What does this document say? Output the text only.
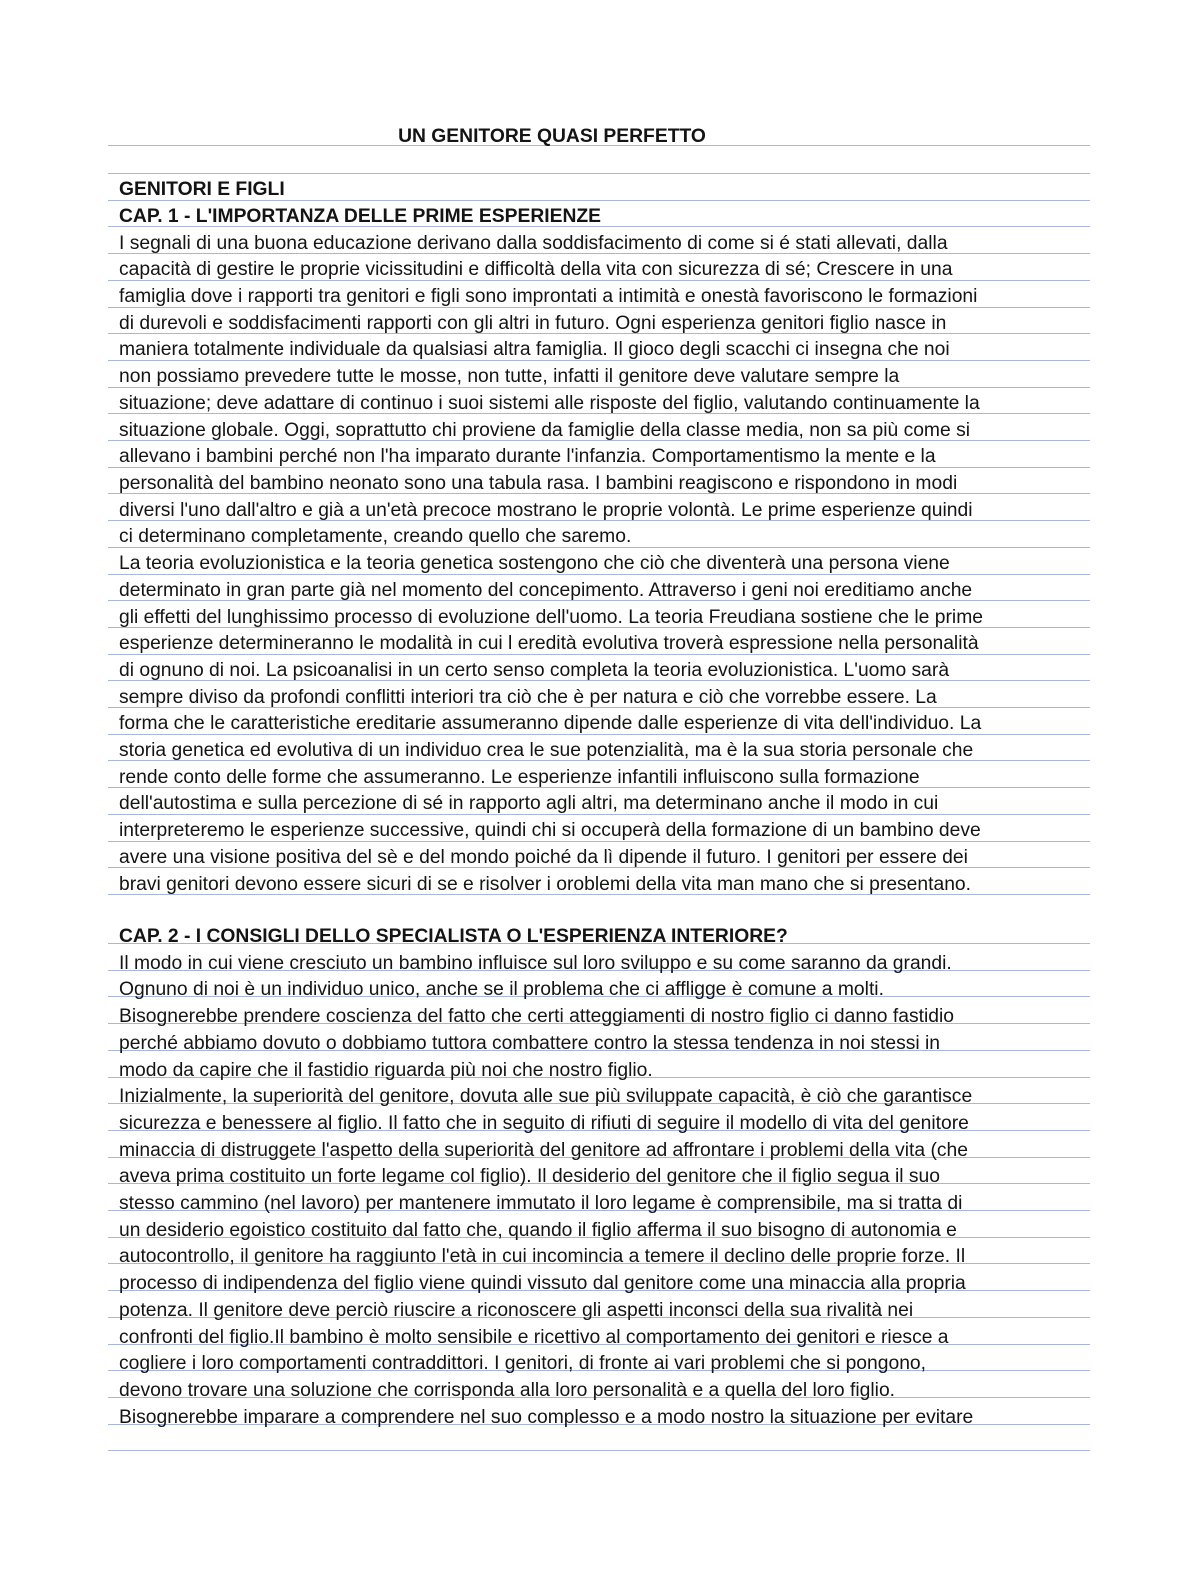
UN GENITORE QUASI PERFETTO
GENITORI E FIGLI
CAP. 1 - L'IMPORTANZA DELLE PRIME ESPERIENZE
I segnali di una buona educazione derivano dalla soddisfacimento di come si é stati allevati, dalla
capacità di gestire le proprie vicissitudini e difficoltà della vita con sicurezza di sé; Crescere in una
famiglia dove i rapporti tra genitori e figli sono improntati a intimità e onestà favoriscono le formazioni
di durevoli e soddisfacimenti rapporti con gli altri in futuro. Ogni esperienza genitori figlio nasce in
maniera totalmente individuale da qualsiasi altra famiglia. Il gioco degli scacchi ci insegna che noi
non possiamo prevedere tutte le mosse, non tutte, infatti il genitore deve valutare sempre la
situazione; deve adattare di continuo i suoi sistemi alle risposte del figlio, valutando continuamente la
situazione globale. Oggi, soprattutto chi proviene da famiglie della classe media, non sa più come si
allevano i bambini perché non l'ha imparato durante l'infanzia. Comportamentismo la mente e la
personalità del bambino neonato sono una tabula rasa. I bambini reagiscono e rispondono in modi
diversi l'uno dall'altro e già a un'età precoce mostrano le proprie volontà. Le prime esperienze quindi
ci determinano completamente, creando quello che saremo.
La teoria evoluzionistica e la teoria genetica sostengono che ciò che diventerà una persona viene
determinato in gran parte già nel momento del concepimento. Attraverso i geni noi ereditiamo anche
gli effetti del lunghissimo processo di evoluzione dell'uomo. La teoria Freudiana sostiene che le prime
esperienze determineranno le modalità in cui l eredità evolutiva troverà espressione nella personalità
di ognuno di noi. La psicoanalisi in un certo senso completa la teoria evoluzionistica. L'uomo sarà
sempre diviso da profondi conflitti interiori tra ciò che è per natura e ciò che vorrebbe essere. La
forma che le caratteristiche ereditarie assumeranno dipende dalle esperienze di vita dell'individuo. La
storia genetica ed evolutiva di un individuo crea le sue potenzialità, ma è la sua storia personale che
rende conto delle forme che assumeranno. Le esperienze infantili influiscono sulla formazione
dell'autostima e sulla percezione di sé in rapporto agli altri, ma determinano anche il modo in cui
interpreteremo le esperienze successive, quindi chi si occuperà della formazione di un bambino deve
avere una visione positiva del sè e del mondo poiché da lì dipende il futuro. I genitori per essere dei
bravi genitori devono essere sicuri di se e risolver i oroblemi della vita man mano che si presentano.
CAP. 2 - I CONSIGLI DELLO SPECIALISTA O L'ESPERIENZA INTERIORE?
Il modo in cui viene cresciuto un bambino influisce sul loro sviluppo e su come saranno da grandi.
Ognuno di noi è un individuo unico, anche se il problema che ci affligge è comune a molti.
Bisognerebbe prendere coscienza del fatto che certi atteggiamenti di nostro figlio ci danno fastidio
perché abbiamo dovuto o dobbiamo tuttora combattere contro la stessa tendenza in noi stessi in
modo da capire che il fastidio riguarda più noi che nostro figlio.
Inizialmente, la superiorità del genitore, dovuta alle sue più sviluppate capacità, è ciò che garantisce
sicurezza e benessere al figlio. Il fatto che in seguito di rifiuti di seguire il modello di vita del genitore
minaccia di distruggete l'aspetto della superiorità del genitore ad affrontare i problemi della vita (che
aveva prima costituito un forte legame col figlio). Il desiderio del genitore che il figlio segua il suo
stesso cammino (nel lavoro) per mantenere immutato il loro legame è comprensibile, ma si tratta di
un desiderio egoistico costituito dal fatto che, quando il figlio afferma il suo bisogno di autonomia e
autocontrollo, il genitore ha raggiunto l'età in cui incomincia a temere il declino delle proprie forze. Il
processo di indipendenza del figlio viene quindi vissuto dal genitore come una minaccia alla propria
potenza. Il genitore deve perciò riuscire a riconoscere gli aspetti inconsci della sua rivalità nei
confronti del figlio.Il bambino è molto sensibile e ricettivo al comportamento dei genitori e riesce a
cogliere i loro comportamenti contraddittori. I genitori, di fronte ai vari problemi che si pongono,
devono trovare una soluzione che corrisponda alla loro personalità e a quella del loro figlio.
Bisognerebbe imparare a comprendere nel suo complesso e a modo nostro la situazione per evitare
